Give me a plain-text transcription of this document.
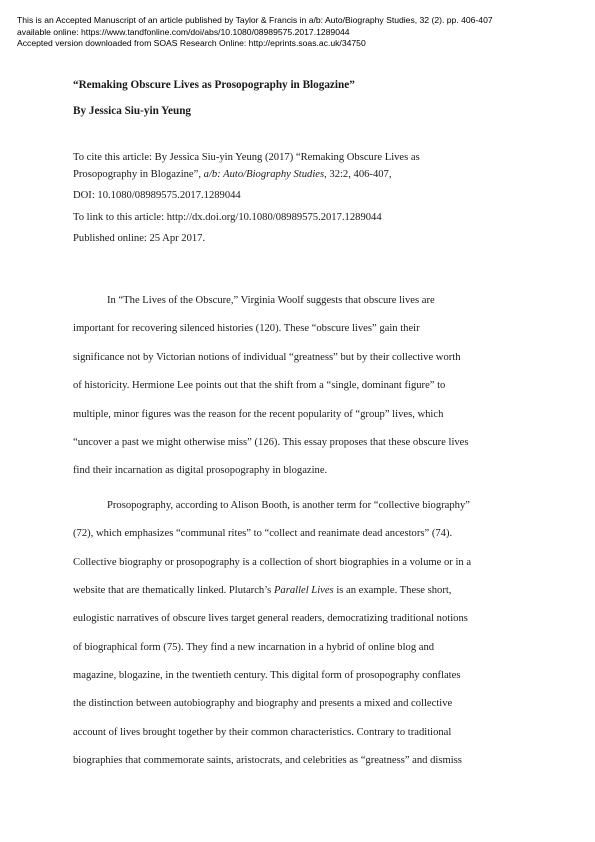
This is an Accepted Manuscript of an article published by Taylor & Francis in a/b: Auto/Biography Studies, 32 (2). pp. 406-407
available online: https://www.tandfonline.com/doi/abs/10.1080/08989575.2017.1289044
Accepted version downloaded from SOAS Research Online: http://eprints.soas.ac.uk/34750
“Remaking Obscure Lives as Prosopography in Blogazine”
By Jessica Siu-yin Yeung
To cite this article: By Jessica Siu-yin Yeung (2017) “Remaking Obscure Lives as
Prosopography in Blogazine”, a/b: Auto/Biography Studies, 32:2, 406-407,
DOI: 10.1080/08989575.2017.1289044
To link to this article: http://dx.doi.org/10.1080/08989575.2017.1289044
Published online: 25 Apr 2017.
In “The Lives of the Obscure,” Virginia Woolf suggests that obscure lives are
important for recovering silenced histories (120). These “obscure lives” gain their
significance not by Victorian notions of individual “greatness” but by their collective worth
of historicity. Hermione Lee points out that the shift from a “single, dominant figure” to
multiple, minor figures was the reason for the recent popularity of “group” lives, which
“uncover a past we might otherwise miss” (126). This essay proposes that these obscure lives
find their incarnation as digital prosopography in blogazine.
Prosopography, according to Alison Booth, is another term for “collective biography”
(72), which emphasizes “communal rites” to “collect and reanimate dead ancestors” (74).
Collective biography or prosopography is a collection of short biographies in a volume or in a
website that are thematically linked. Plutarch’s Parallel Lives is an example. These short,
eulogistic narratives of obscure lives target general readers, democratizing traditional notions
of biographical form (75). They find a new incarnation in a hybrid of online blog and
magazine, blogazine, in the twentieth century. This digital form of prosopography conflates
the distinction between autobiography and biography and presents a mixed and collective
account of lives brought together by their common characteristics. Contrary to traditional
biographies that commemorate saints, aristocrats, and celebrities as “greatness” and dismiss
